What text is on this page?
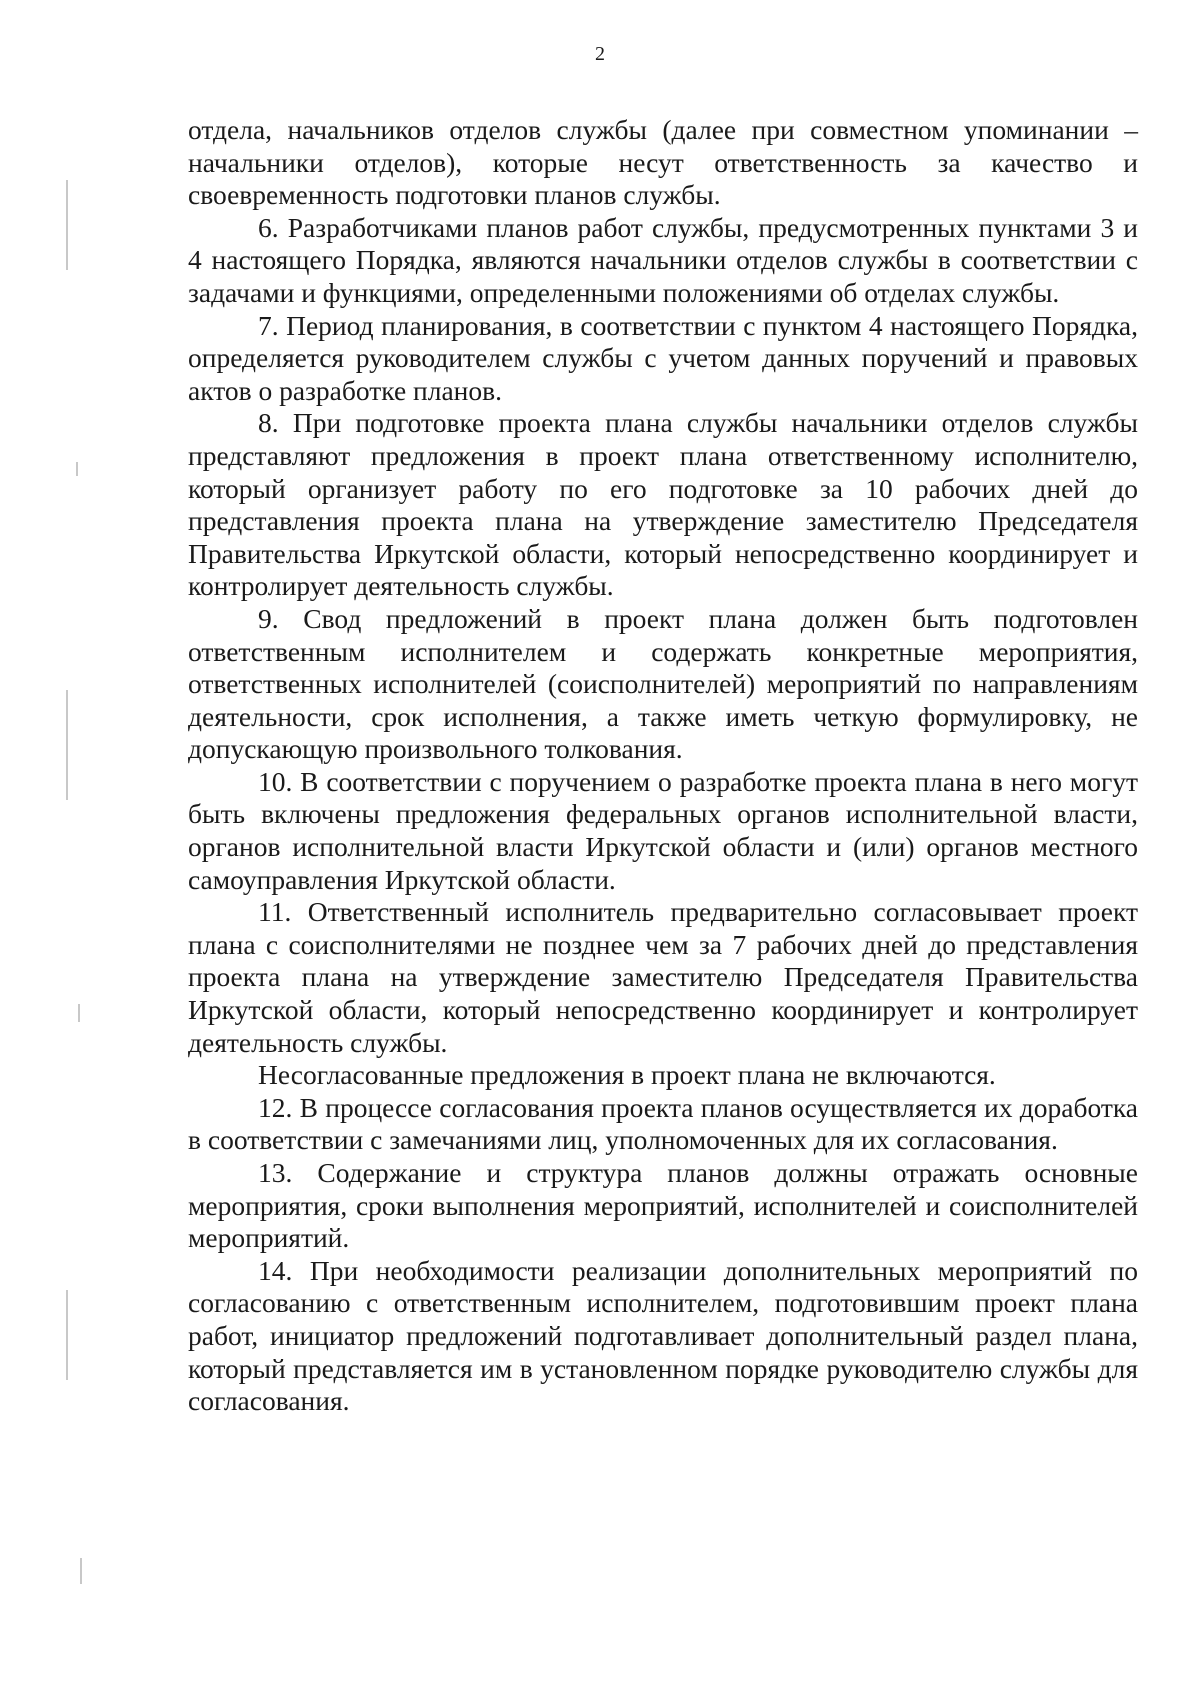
2

отдела, начальников отделов службы (далее при совместном упоминании – начальники отделов), которые несут ответственность за качество и своевременность подготовки планов службы.

6. Разработчиками планов работ службы, предусмотренных пунктами 3 и 4 настоящего Порядка, являются начальники отделов службы в соответствии с задачами и функциями, определенными положениями об отделах службы.

7. Период планирования, в соответствии с пунктом 4 настоящего Порядка, определяется руководителем службы с учетом данных поручений и правовых актов о разработке планов.

8. При подготовке проекта плана службы начальники отделов службы представляют предложения в проект плана ответственному исполнителю, который организует работу по его подготовке за 10 рабочих дней до представления проекта плана на утверждение заместителю Председателя Правительства Иркутской области, который непосредственно координирует и контролирует деятельность службы.

9. Свод предложений в проект плана должен быть подготовлен ответственным исполнителем и содержать конкретные мероприятия, ответственных исполнителей (соисполнителей) мероприятий по направлениям деятельности, срок исполнения, а также иметь четкую формулировку, не допускающую произвольного толкования.

10. В соответствии с поручением о разработке проекта плана в него могут быть включены предложения федеральных органов исполнительной власти, органов исполнительной власти Иркутской области и (или) органов местного самоуправления Иркутской области.

11. Ответственный исполнитель предварительно согласовывает проект плана с соисполнителями не позднее чем за 7 рабочих дней до представления проекта плана на утверждение заместителю Председателя Правительства Иркутской области, который непосредственно координирует и контролирует деятельность службы.

Несогласованные предложения в проект плана не включаются.

12. В процессе согласования проекта планов осуществляется их доработка в соответствии с замечаниями лиц, уполномоченных для их согласования.

13. Содержание и структура планов должны отражать основные мероприятия, сроки выполнения мероприятий, исполнителей и соисполнителей мероприятий.

14. При необходимости реализации дополнительных мероприятий по согласованию с ответственным исполнителем, подготовившим проект плана работ, инициатор предложений подготавливает дополнительный раздел плана, который представляется им в установленном порядке руководителю службы для согласования.
